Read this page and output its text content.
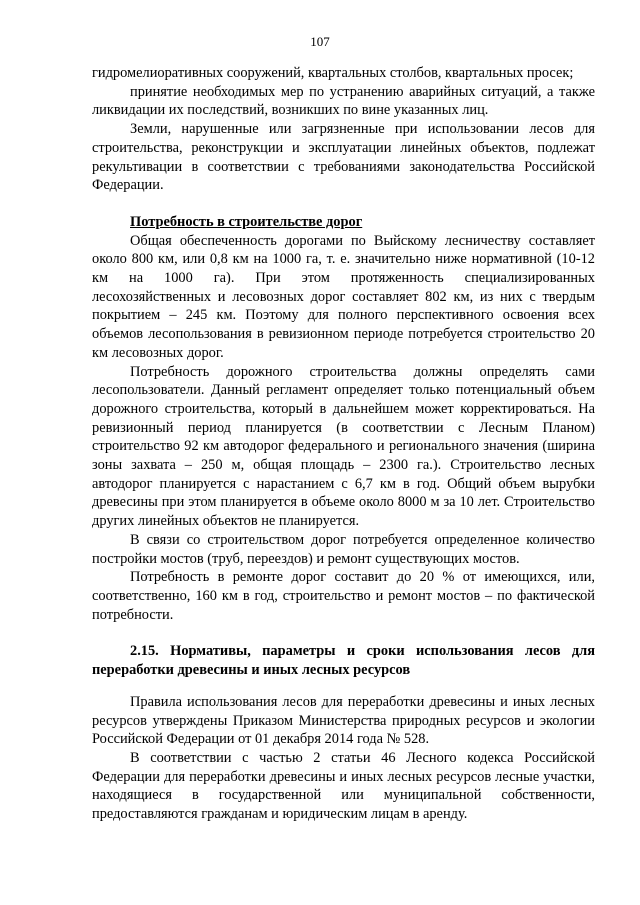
107

гидромелиоративных сооружений, квартальных столбов, квартальных просек;

принятие необходимых мер по устранению аварийных ситуаций, а также ликвидации их последствий, возникших по вине указанных лиц.

Земли, нарушенные или загрязненные при использовании лесов для строительства, реконструкции и эксплуатации линейных объектов, подлежат рекультивации в соответствии с требованиями законодательства Российской Федерации.

Потребность в строительстве дорог

Общая обеспеченность дорогами по Выйскому лесничеству составляет около 800 км, или 0,8 км на 1000 га, т. е. значительно ниже нормативной (10-12 км на 1000 га). При этом протяженность специализированных лесохозяйственных и лесовозных дорог составляет 802 км, из них с твердым покрытием – 245 км. Поэтому для полного перспективного освоения всех объемов лесопользования в ревизионном периоде потребуется строительство 20 км лесовозных дорог.

Потребность дорожного строительства должны определять сами лесопользователи. Данный регламент определяет только потенциальный объем дорожного строительства, который в дальнейшем может корректироваться. На ревизионный период планируется (в соответствии с Лесным Планом) строительство 92 км автодорог федерального и регионального значения (ширина зоны захвата – 250 м, общая площадь – 2300 га.). Строительство лесных автодорог планируется с нарастанием с 6,7 км в год. Общий объем вырубки древесины при этом планируется в объеме около 8000 м за 10 лет. Строительство других линейных объектов не планируется.

В связи со строительством дорог потребуется определенное количество постройки мостов (труб, переездов) и ремонт существующих мостов.

Потребность в ремонте дорог составит до 20 % от имеющихся, или, соответственно, 160 км в год, строительство и ремонт мостов – по фактической потребности.

2.15. Нормативы, параметры и сроки использования лесов для переработки древесины и иных лесных ресурсов

Правила использования лесов для переработки древесины и иных лесных ресурсов утверждены Приказом Министерства природных ресурсов и экологии Российской Федерации от 01 декабря 2014 года № 528.

В соответствии с частью 2 статьи 46 Лесного кодекса Российской Федерации для переработки древесины и иных лесных ресурсов лесные участки, находящиеся в государственной или муниципальной собственности, предоставляются гражданам и юридическим лицам в аренду.
